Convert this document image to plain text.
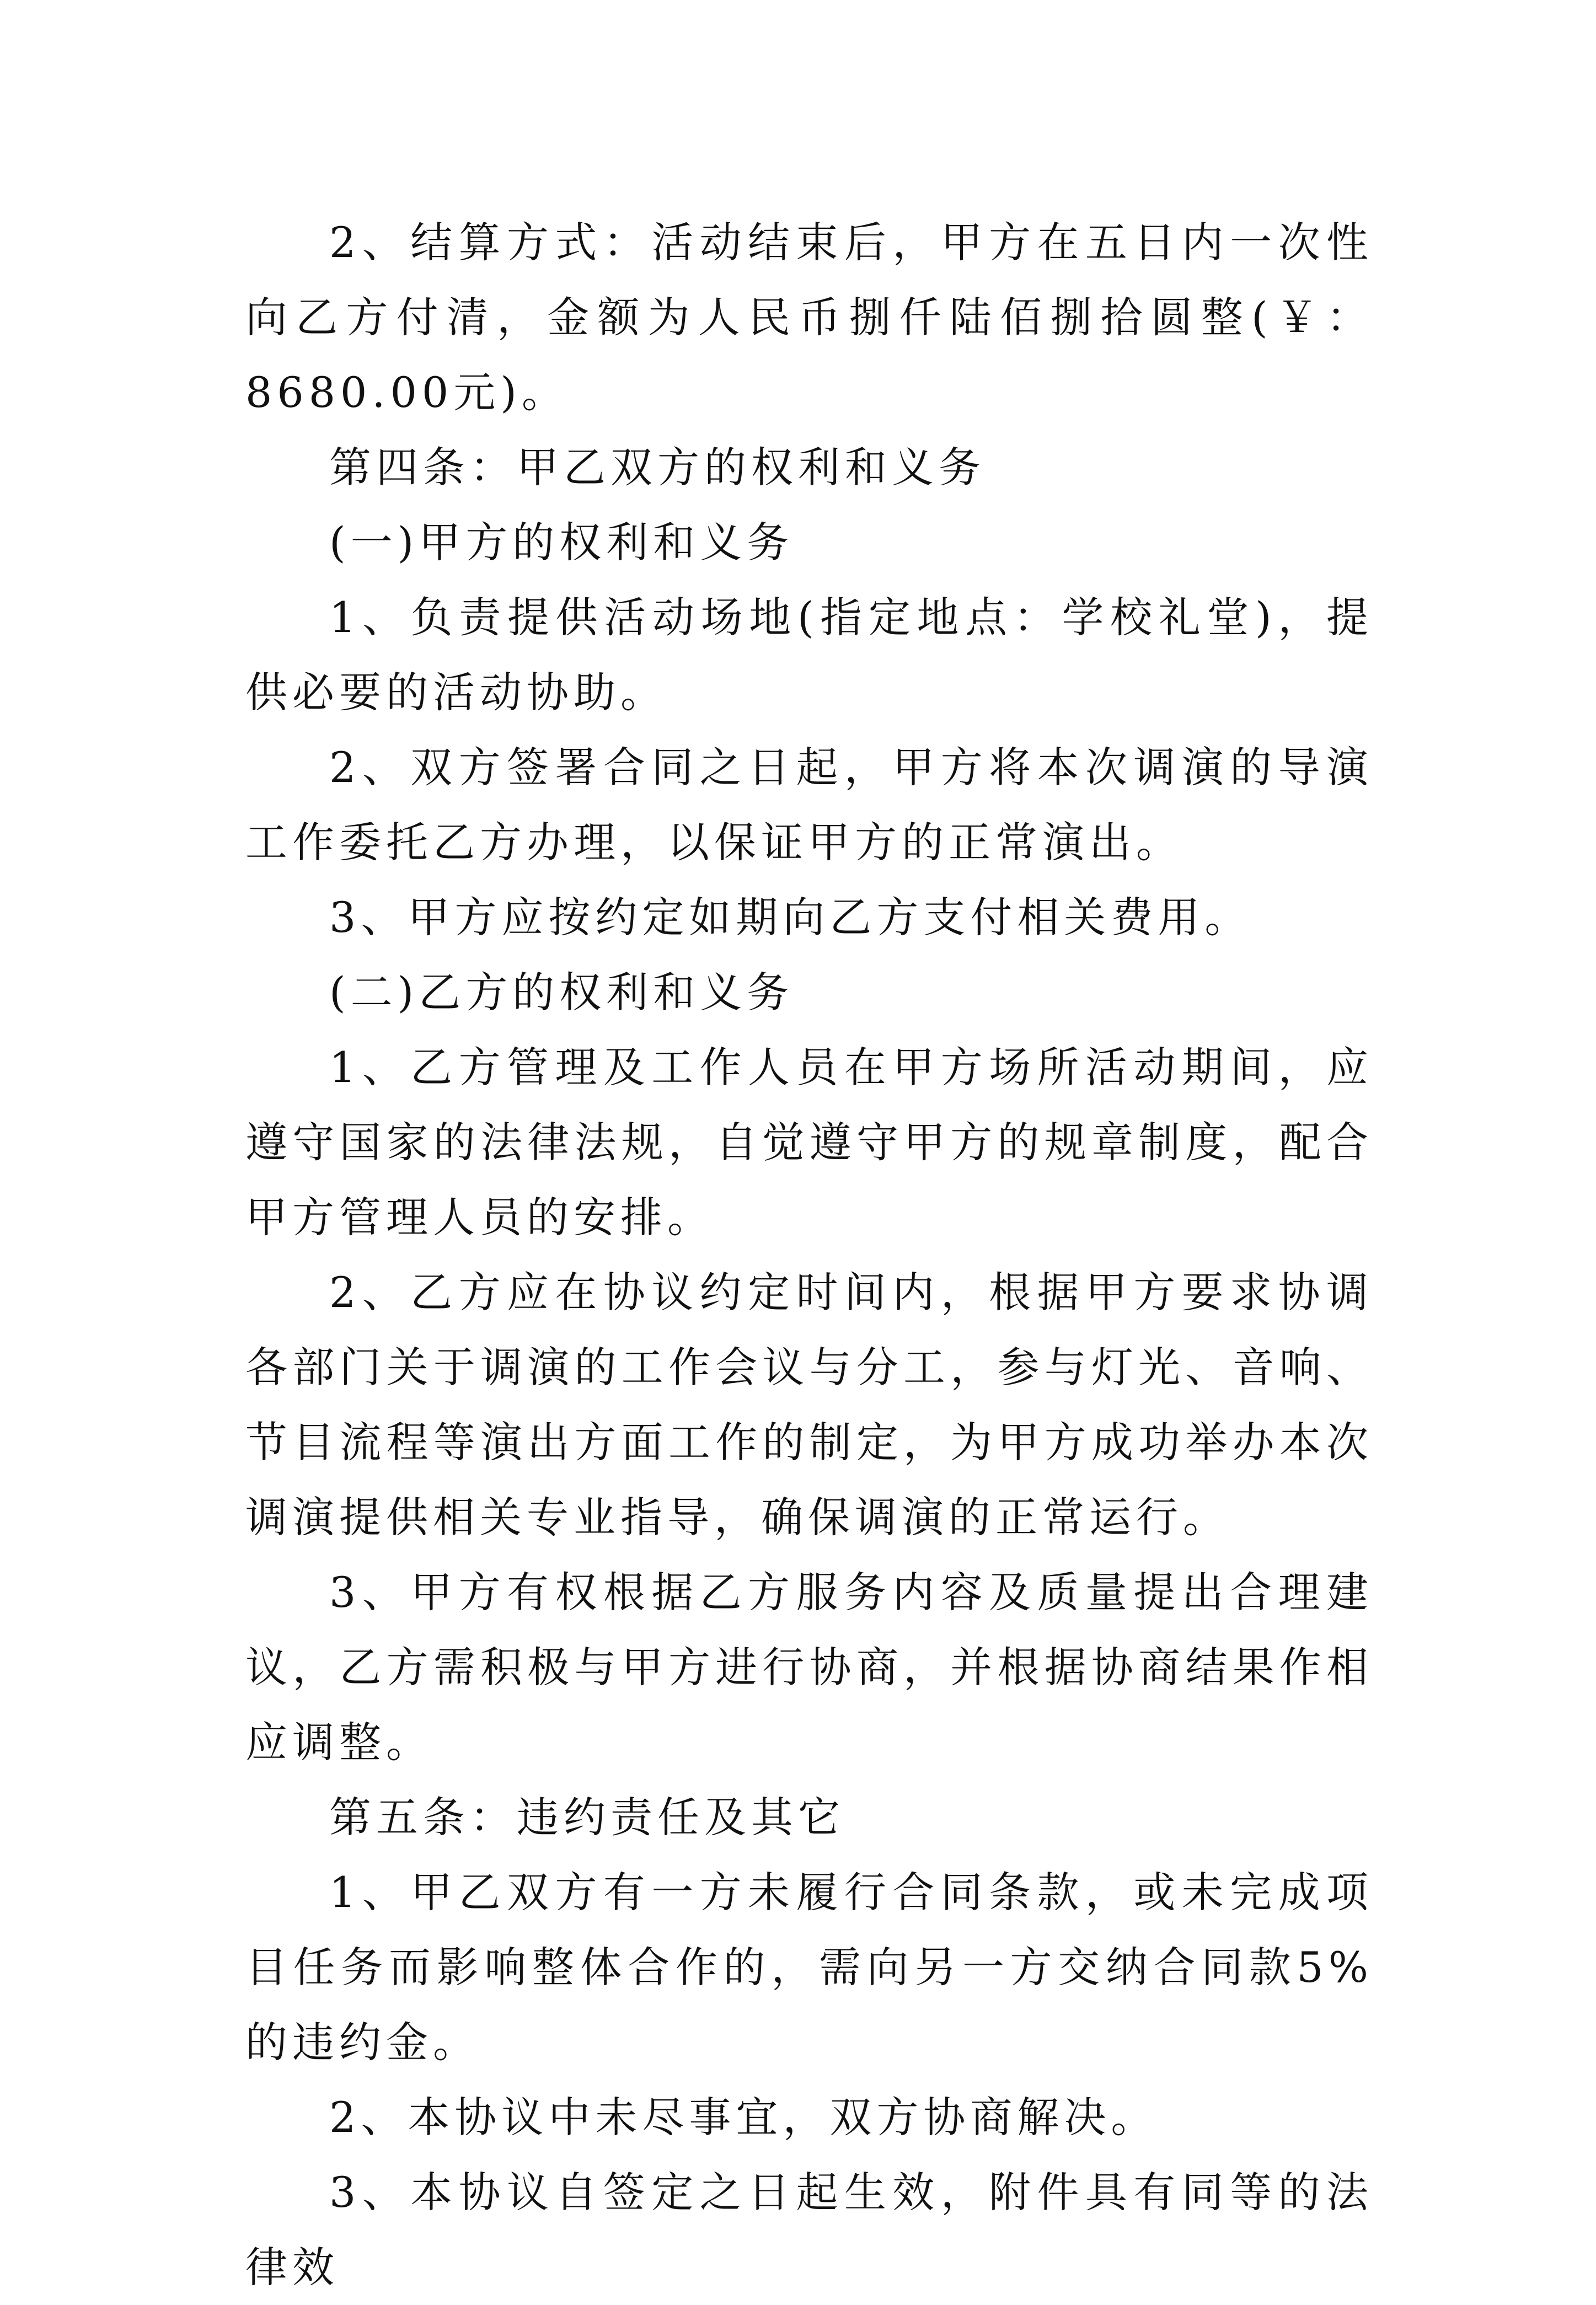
2、结算方式：活动结束后，甲方在五日内一次性向乙方付清，金额为人民币捌仟陆佰捌拾圆整(￥：8680.00元)。

第四条：甲乙双方的权利和义务

(一)甲方的权利和义务

1、负责提供活动场地(指定地点：学校礼堂)，提供必要的活动协助。

2、双方签署合同之日起，甲方将本次调演的导演工作委托乙方办理，以保证甲方的正常演出。

3、甲方应按约定如期向乙方支付相关费用。

(二)乙方的权利和义务

1、乙方管理及工作人员在甲方场所活动期间，应遵守国家的法律法规，自觉遵守甲方的规章制度，配合甲方管理人员的安排。

2、乙方应在协议约定时间内，根据甲方要求协调各部门关于调演的工作会议与分工，参与灯光、音响、节目流程等演出方面工作的制定，为甲方成功举办本次调演提供相关专业指导，确保调演的正常运行。

3、甲方有权根据乙方服务内容及质量提出合理建议，乙方需积极与甲方进行协商，并根据协商结果作相应调整。

第五条：违约责任及其它

1、甲乙双方有一方未履行合同条款，或未完成项目任务而影响整体合作的，需向另一方交纳合同款5%的违约金。

2、本协议中未尽事宜，双方协商解决。

3、本协议自签定之日起生效，附件具有同等的法律效
